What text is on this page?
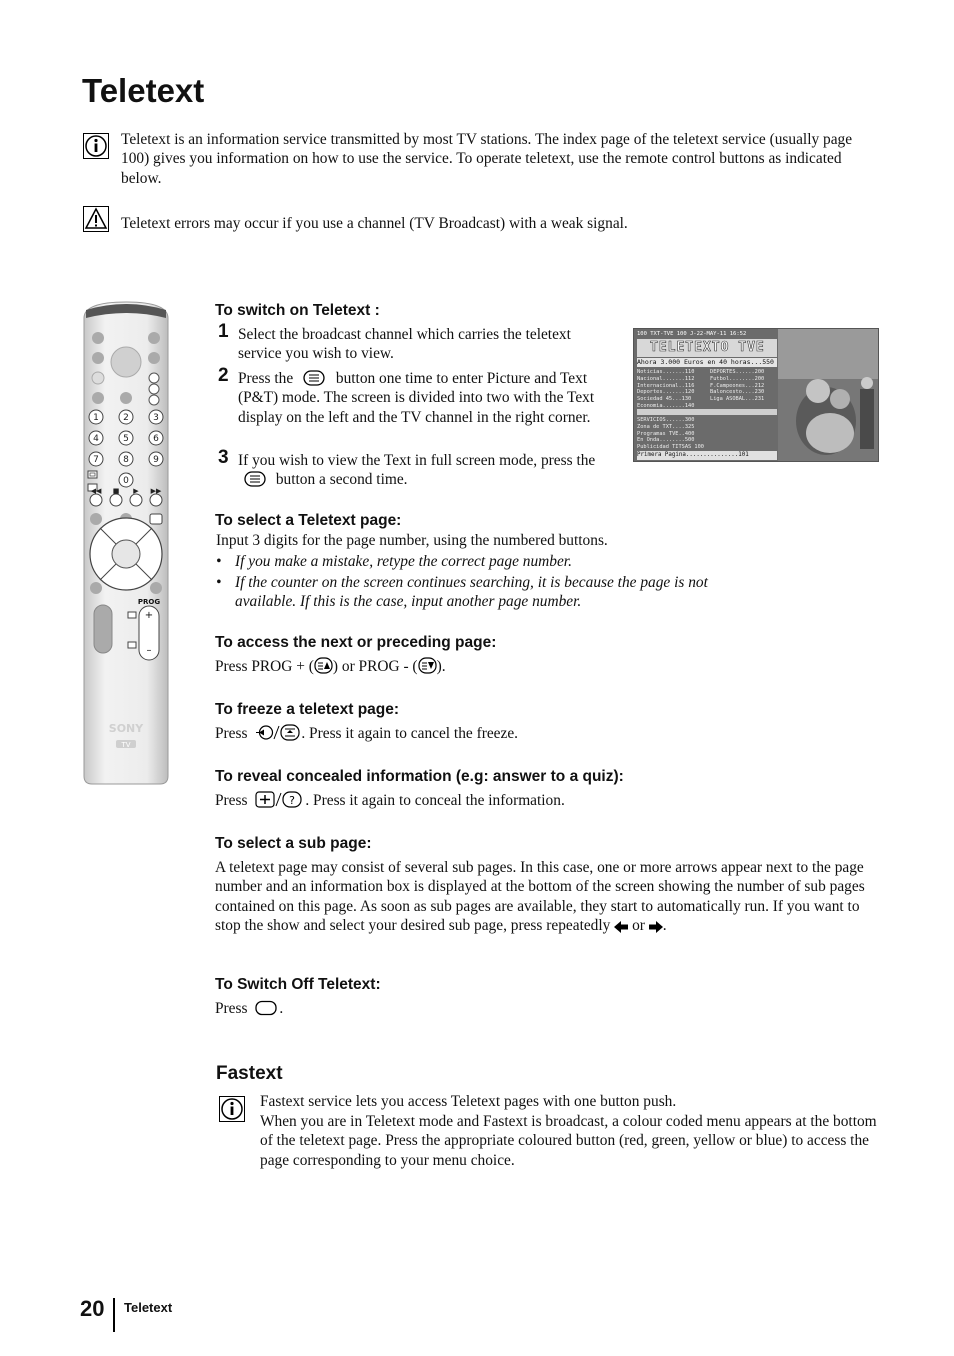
Teletext
Teletext is an information service transmitted by most TV stations. The index page of the teletext service (usually page 100) gives you information on how to use the service. To operate teletext, use the remote control buttons as indicated below.
Teletext errors may occur if you use a channel (TV Broadcast) with a weak signal.
1	2	3
4	5	6
7	8	9
0
◀◀ ■ ▶ ▶▶
PROG
+
–
SONY
TV
To switch on Teletext :
1 Select the broadcast channel which carries the teletext service you wish to view.
2 Press the	button one time to enter Picture and Text (P&T) mode. The screen is divided into two with the Text display on the left and the TV channel in the right corner.
3 If you wish to view the Text in full screen mode, press the  button a second time.
100 TXT-TVE 100 J-22-MAY-11 16:52
TELETEXTO TVE
Ahora 3.000 Euros en 40 horas...550
Noticias.......110
Nacional.......112
Internacional..116
Deportes.......120
Sociedad 45...130
Economia.......140
DEPORTES......200
Futbol........200
F.Campeones...212
Baloncesto....230
Liga ASOBAL...231
SERVICIOS......300
Zona de TXT....325
Programas TVE..400
En Onda........500
Publicidad TITSAS 100
Primera Pagina...............101
To select a Teletext page:
Input 3 digits for the page number, using the numbered buttons.
• If you make a mistake, retype the correct page number.
• If the counter on the screen continues searching, it is because the page is not available. If this is the case, input another page number.
To access the next or preceding page:
Press PROG + ( ) or PROG - ( ).
To freeze a teletext page:
Press	. Press it again to cancel the freeze.
To reveal concealed information (e.g: answer to a quiz):
Press	? . Press it again to conceal the information.
To select a sub page:
A teletext page may consist of several sub pages. In this case, one or more arrows appear next to the page number and an information box is displayed at the bottom of the screen showing the number of sub pages contained on this page. As soon as sub pages are available, they start to automatically run. If you want to stop the show and select your desired sub page, press repeatedly or .
To Switch Off Teletext:
Press .
Fastext
Fastext service lets you access Teletext pages with one button push.
When you are in Teletext mode and Fastext is broadcast, a colour coded menu appears at the bottom of the teletext page. Press the appropriate coloured button (red, green, yellow or blue) to access the page corresponding to your menu choice.
20 Teletext
